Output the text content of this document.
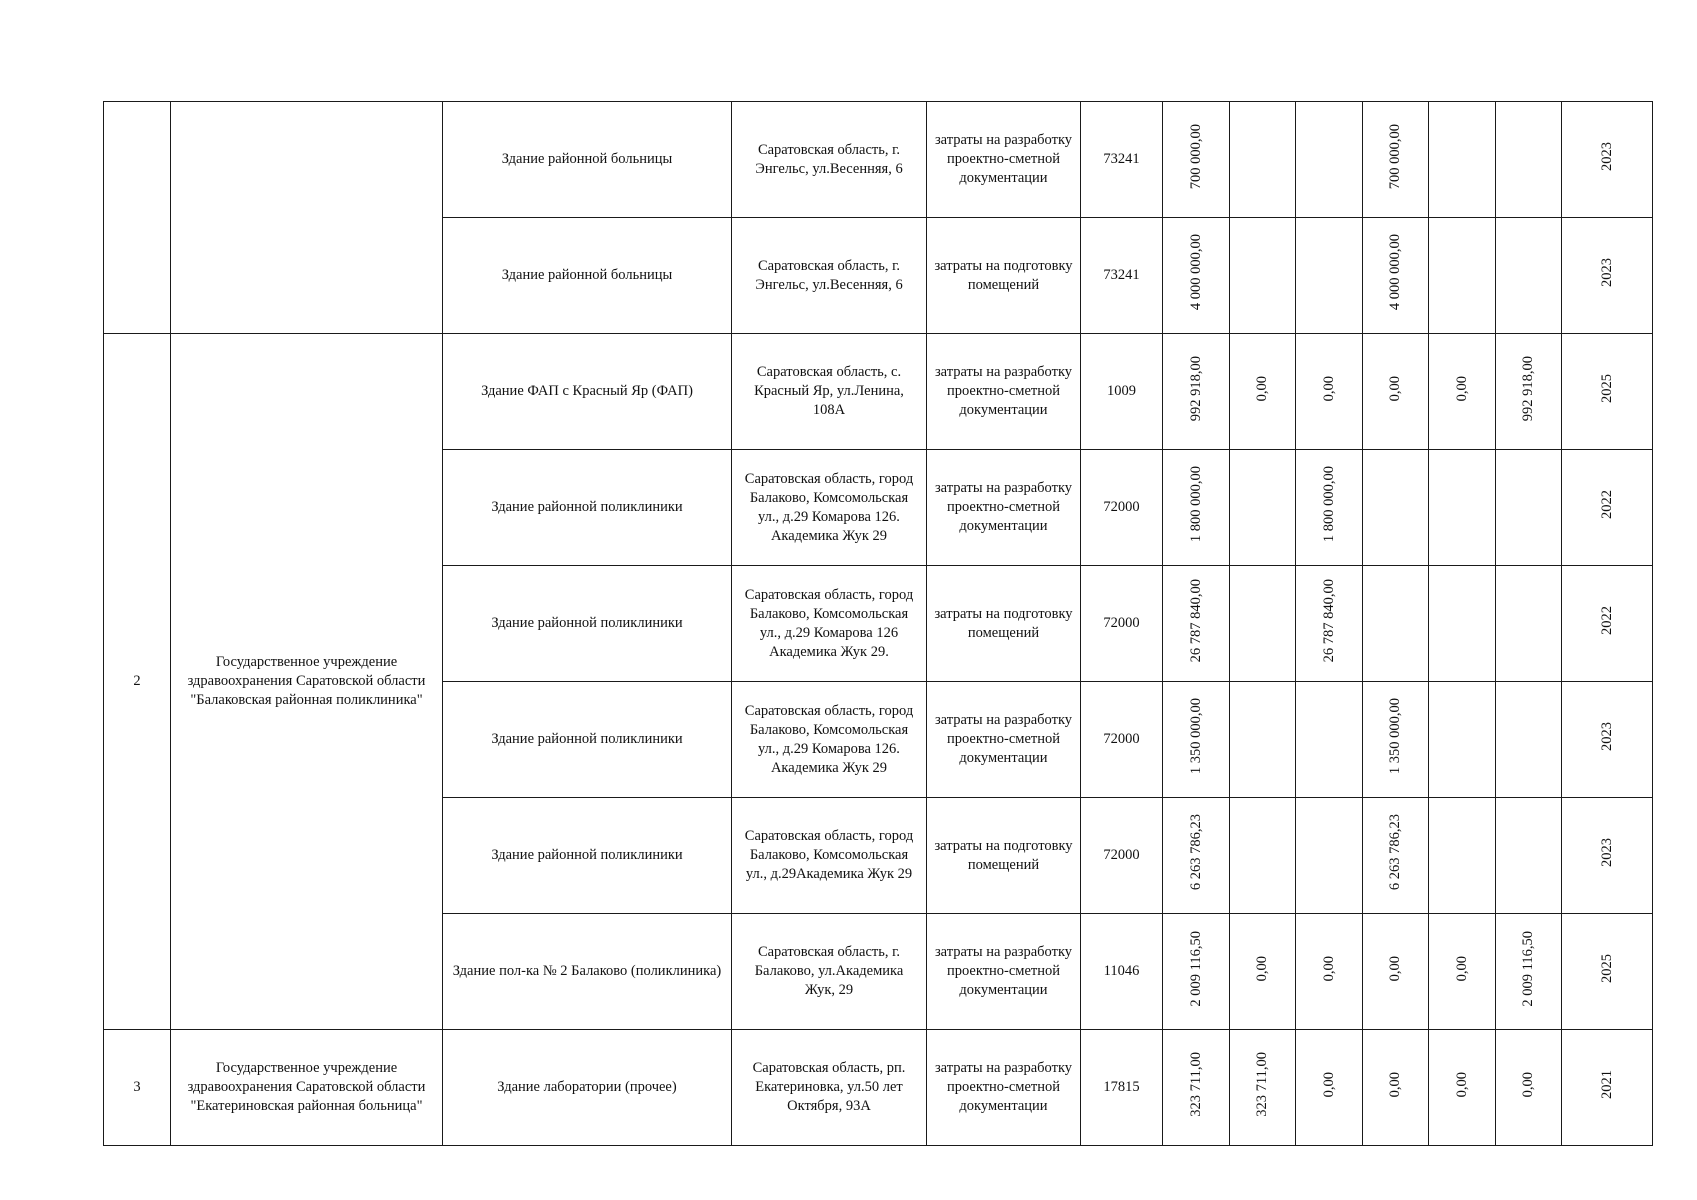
		Здание районной больницы	Саратовская область, г. Энгельс, ул.Весенняя, 6	затраты на разработку проектно-сметной документации	73241	700 000,00			700 000,00			2023
		Здание районной больницы	Саратовская область, г. Энгельс, ул.Весенняя, 6	затраты на подготовку помещений	73241	4 000 000,00			4 000 000,00			2023
2	Государственное учреждение здравоохранения Саратовской области "Балаковская районная поликлиника"	Здание ФАП с Красный Яр (ФАП)	Саратовская область, с. Красный Яр, ул.Ленина, 108А	затраты на разработку проектно-сметной документации	1009	992 918,00	0,00	0,00	0,00	0,00	992 918,00	2025
		Здание районной поликлиники	Саратовская область, город Балаково, Комсомольская ул., д.29 Комарова 126. Академика Жук 29	затраты на разработку проектно-сметной документации	72000	1 800 000,00		1 800 000,00				2022
		Здание районной поликлиники	Саратовская область, город Балаково, Комсомольская ул., д.29 Комарова 126 Академика Жук 29.	затраты на подготовку помещений	72000	26 787 840,00		26 787 840,00				2022
		Здание районной поликлиники	Саратовская область, город Балаково, Комсомольская ул., д.29 Комарова 126. Академика Жук 29	затраты на разработку проектно-сметной документации	72000	1 350 000,00			1 350 000,00			2023
		Здание районной поликлиники	Саратовская область, город Балаково, Комсомольская ул., д.29Академика Жук 29	затраты на подготовку помещений	72000	6 263 786,23			6 263 786,23			2023
		Здание пол-ка № 2 Балаково (поликлиника)	Саратовская область, г. Балаково, ул.Академика Жук, 29	затраты на разработку проектно-сметной документации	11046	2 009 116,50	0,00	0,00	0,00	0,00	2 009 116,50	2025
3	Государственное учреждение здравоохранения Саратовской области "Екатериновская районная больница"	Здание лаборатории (прочее)	Саратовская область, рп. Екатериновка, ул.50 лет Октября, 93А	затраты на разработку проектно-сметной документации	17815	323 711,00	323 711,00	0,00	0,00	0,00	0,00	2021
